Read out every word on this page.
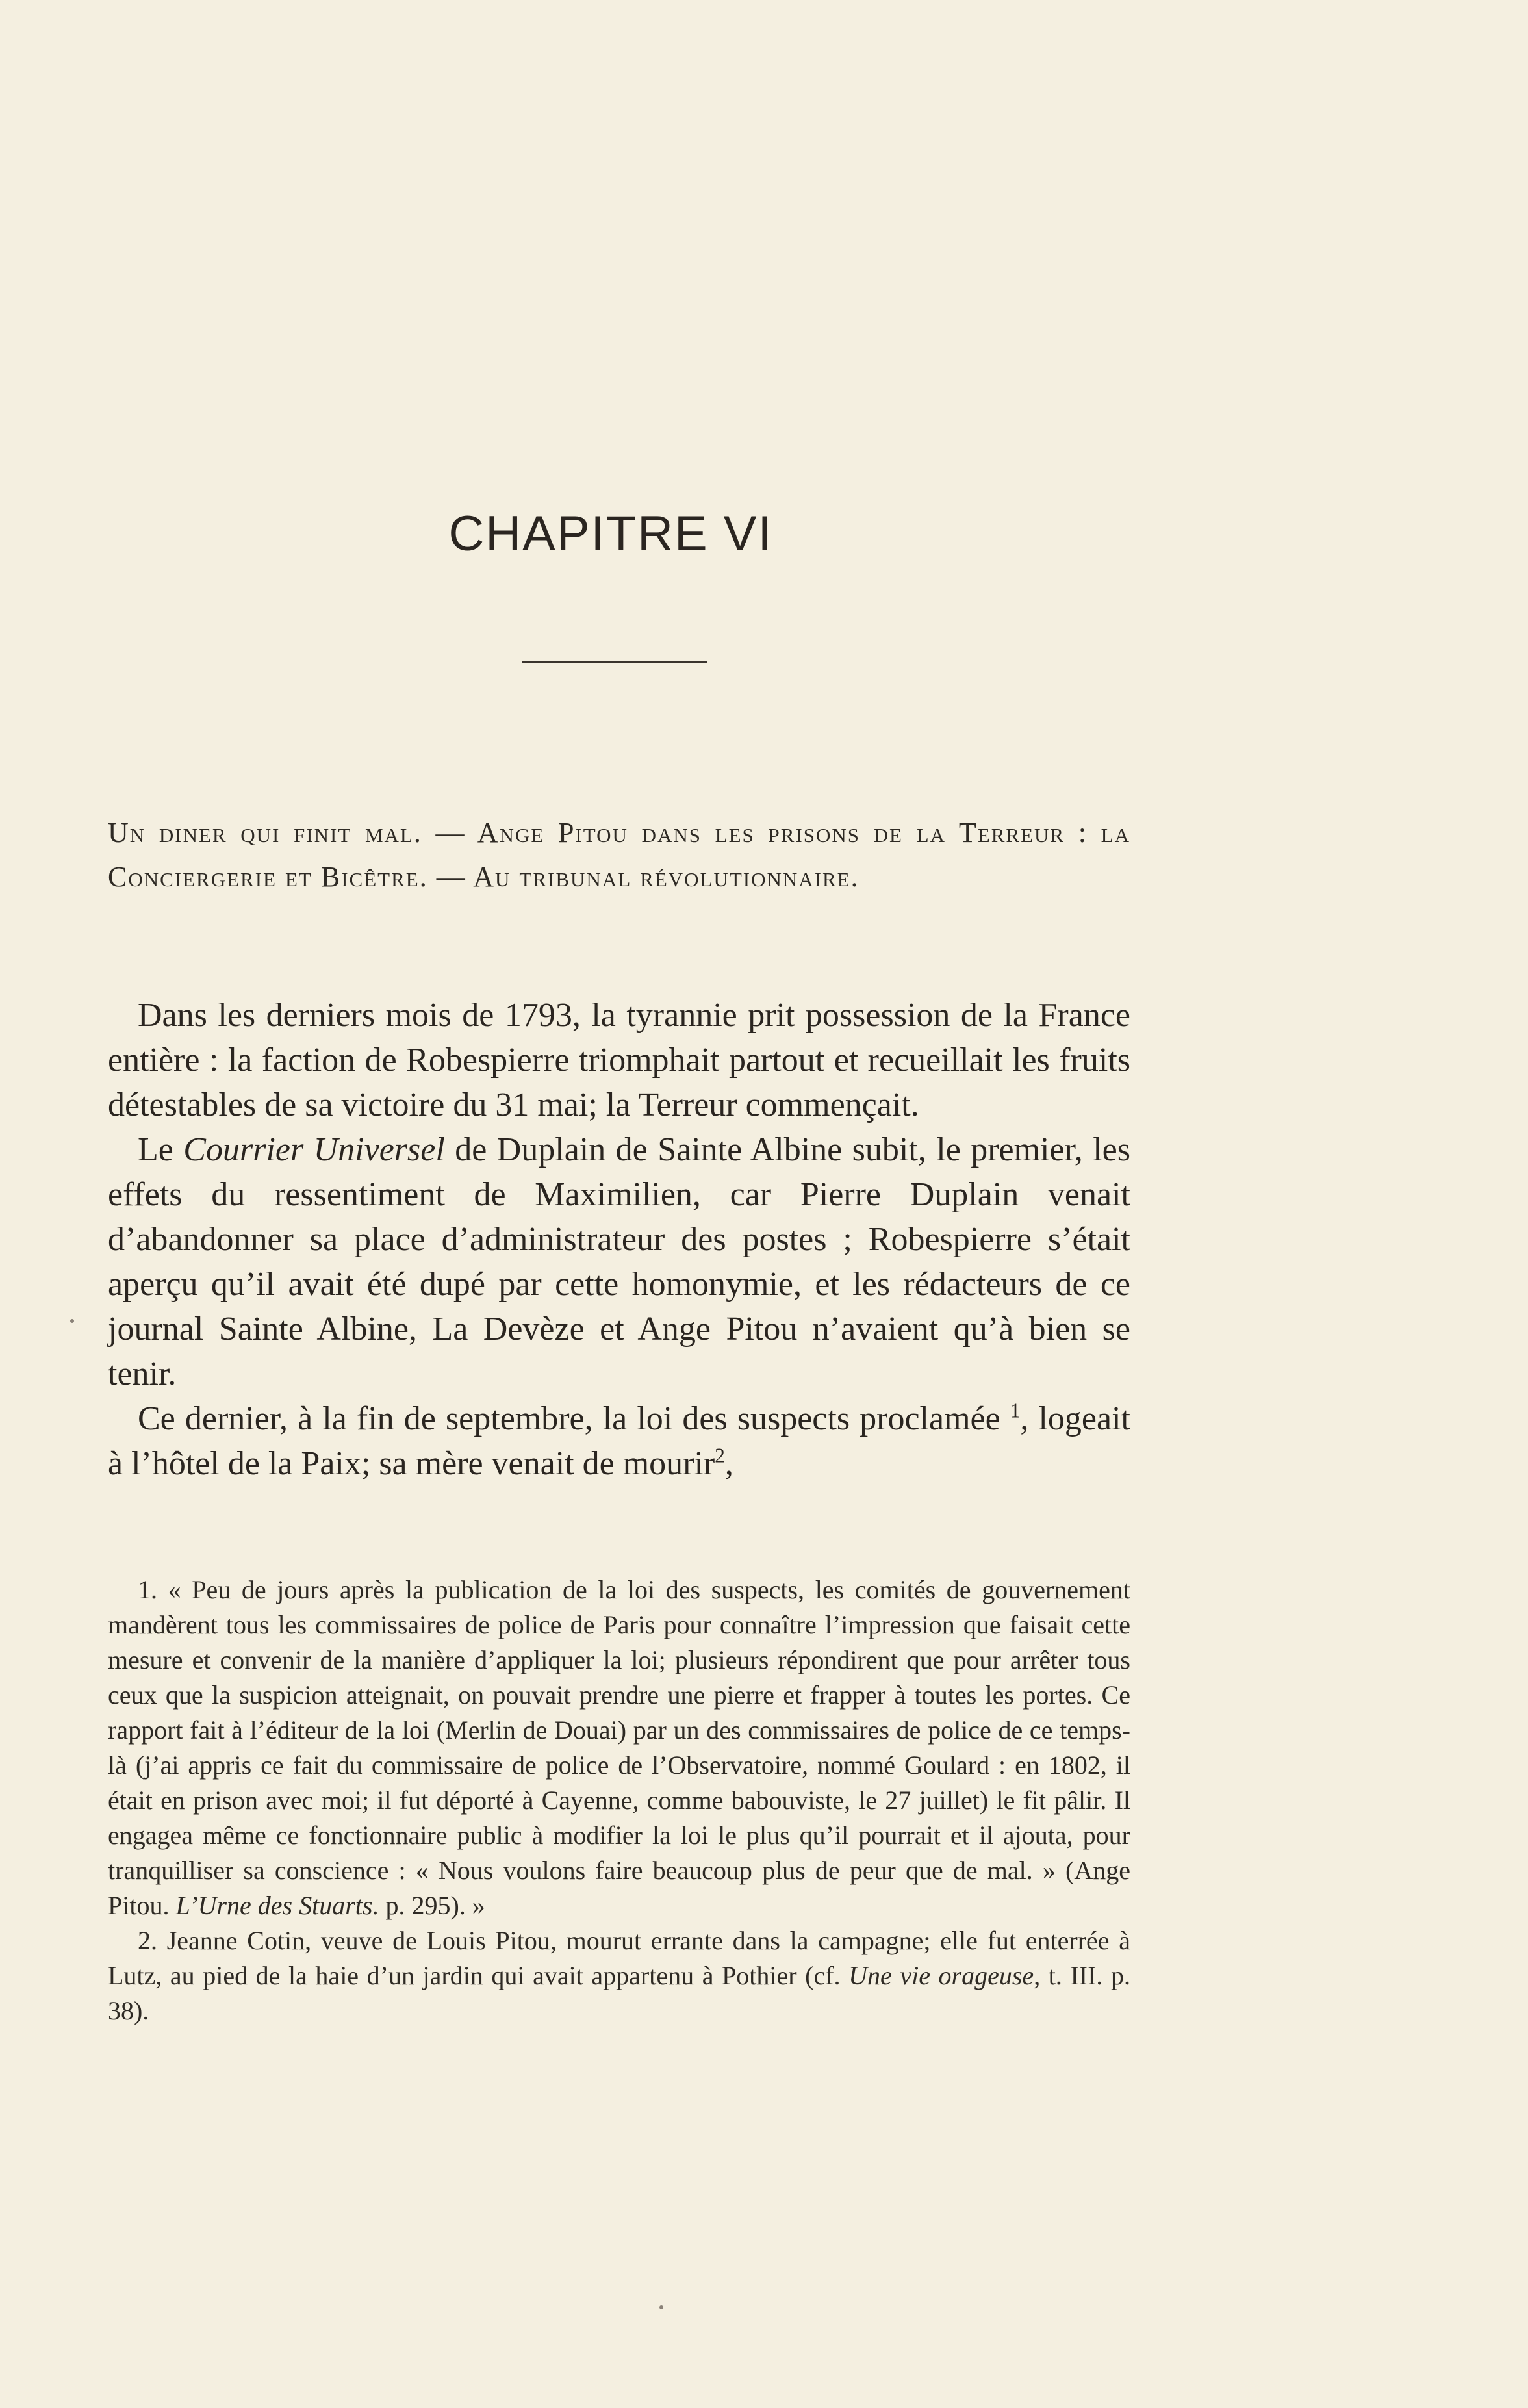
CHAPITRE VI

Un diner qui finit mal. — Ange Pitou dans les prisons de la Terreur : la Conciergerie et Bicêtre. — Au tribunal révolutionnaire.

Dans les derniers mois de 1793, la tyrannie prit possession de la France entière : la faction de Robespierre triomphait partout et recueillait les fruits détestables de sa victoire du 31 mai; la Terreur commençait.

Le Courrier Universel de Duplain de Sainte Albine subit, le premier, les effets du ressentiment de Maximilien, car Pierre Duplain venait d’abandonner sa place d’administrateur des postes ; Robespierre s’était aperçu qu’il avait été dupé par cette homonymie, et les rédacteurs de ce journal Sainte Albine, La Devèze et Ange Pitou n’avaient qu’à bien se tenir.

Ce dernier, à la fin de septembre, la loi des suspects proclamée $^1$, logeait à l’hôtel de la Paix; sa mère venait de mourir$^2$,

1. « Peu de jours après la publication de la loi des suspects, les comités de gouvernement mandèrent tous les commissaires de police de Paris pour connaître l’impression que faisait cette mesure et convenir de la manière d’appliquer la loi; plusieurs répondirent que pour arrêter tous ceux que la suspicion atteignait, on pouvait prendre une pierre et frapper à toutes les portes. Ce rapport fait à l’éditeur de la loi (Merlin de Douai) par un des commissaires de police de ce temps-là (j’ai appris ce fait du commissaire de police de l’Observatoire, nommé Goulard : en 1802, il était en prison avec moi; il fut déporté à Cayenne, comme babouviste, le 27 juillet) le fit pâlir. Il engagea même ce fonctionnaire public à modifier la loi le plus qu’il pourrait et il ajouta, pour tranquilliser sa conscience : « Nous voulons faire beaucoup plus de peur que de mal. » (Ange Pitou. L’Urne des Stuarts. p. 295). »

2. Jeanne Cotin, veuve de Louis Pitou, mourut errante dans la campagne; elle fut enterrée à Lutz, au pied de la haie d’un jardin qui avait appartenu à Pothier (cf. Une vie orageuse, t. III. p. 38).
